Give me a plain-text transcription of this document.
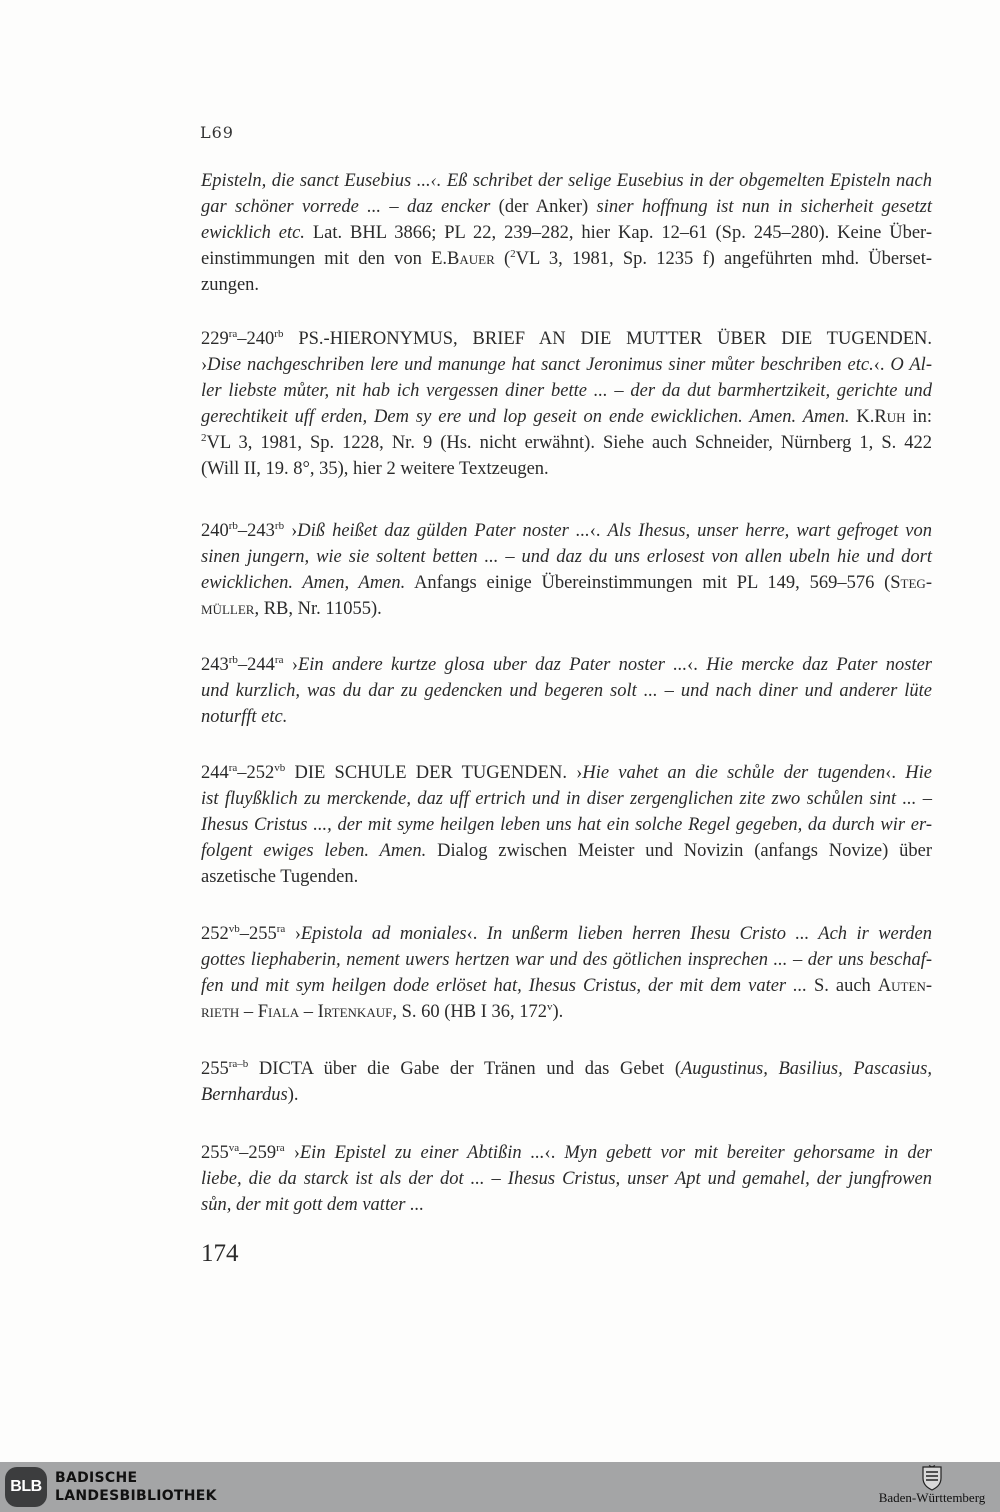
L69
Episteln, die sanct Eusebius ...‹. Eß schribet der selige Eusebius in der obgemelten Episteln nach
gar schöner vorrede ... – daz encker (der Anker) siner hoffnung ist nun in sicherheit gesetzt
ewicklich etc. Lat. BHL 3866; PL 22, 239–282, hier Kap. 12–61 (Sp. 245–280). Keine Über-
einstimmungen mit den von E.Bauer ($^2$VL 3, 1981, Sp. 1235 f) angeführten mhd. Überset-
zungen.
$229^{ra}-240^{rb}$ PS.-HIERONYMUS, BRIEF AN DIE MUTTER ÜBER DIE TUGENDEN.
›Dise nachgeschriben lere und manunge hat sanct Jeronimus siner můter beschriben etc.‹. O Al-
ler liebste můter, nit hab ich vergessen diner bette ... – der da dut barmhertzikeit, gerichte und
gerechtikeit uff erden, Dem sy ere und lop geseit on ende ewicklichen. Amen. Amen. K.Ruh in:
$^2$VL 3, 1981, Sp. 1228, Nr. 9 (Hs. nicht erwähnt). Siehe auch Schneider, Nürnberg 1, S. 422
(Will II, 19. 8°, 35), hier 2 weitere Textzeugen.
$240^{rb}-243^{rb}$ ›Diß heißet daz gülden Pater noster ...‹. Als Ihesus, unser herre, wart gefroget von
sinen jungern, wie sie soltent betten ... – und daz du uns erlosest von allen ubeln hie und dort
ewicklichen. Amen, Amen. Anfangs einige Übereinstimmungen mit PL 149, 569–576 (Steg-
müller, RB, Nr. 11055).
$243^{rb}-244^{ra}$ ›Ein andere kurtze glosa uber daz Pater noster ...‹. Hie mercke daz Pater noster
und kurzlich, was du dar zu gedencken und begeren solt ... – und nach diner und anderer lüte
noturfft etc.
$244^{ra}-252^{vb}$ DIE SCHULE DER TUGENDEN. ›Hie vahet an die schůle der tugenden‹. Hie
ist fluyßklich zu merckende, daz uff ertrich und in diser zergenglichen zite zwo schůlen sint ... –
Ihesus Cristus ..., der mit syme heilgen leben uns hat ein solche Regel gegeben, da durch wir er-
folgent ewiges leben. Amen. Dialog zwischen Meister und Novizin (anfangs Novize) über
aszetische Tugenden.
$252^{vb}-255^{ra}$ ›Epistola ad moniales‹. In unßerm lieben herren Ihesu Cristo ... Ach ir werden
gottes liephaberin, nement uwers hertzen war und des götlichen insprechen ... – der uns beschaf-
fen und mit sym heilgen dode erlöset hat, Ihesus Cristus, der mit dem vater ... S. auch Auten-
rieth – Fiala – Irtenkauf, S. 60 (HB I 36, 172$^v$).
$255^{ra-b}$ DICTA über die Gabe der Tränen und das Gebet (Augustinus, Basilius, Pascasius,
Bernhardus).
$255^{va}-259^{ra}$ ›Ein Epistel zu einer Abtißin ...‹. Myn gebett vor mit bereiter gehorsame in der
liebe, die da starck ist als der dot ... – Ihesus Cristus, unser Apt und gemahel, der jungfrowen
sůn, der mit gott dem vatter ...
174
BLB BADISCHE
LANDESBIBLIOTHEK	Baden-Württemberg
